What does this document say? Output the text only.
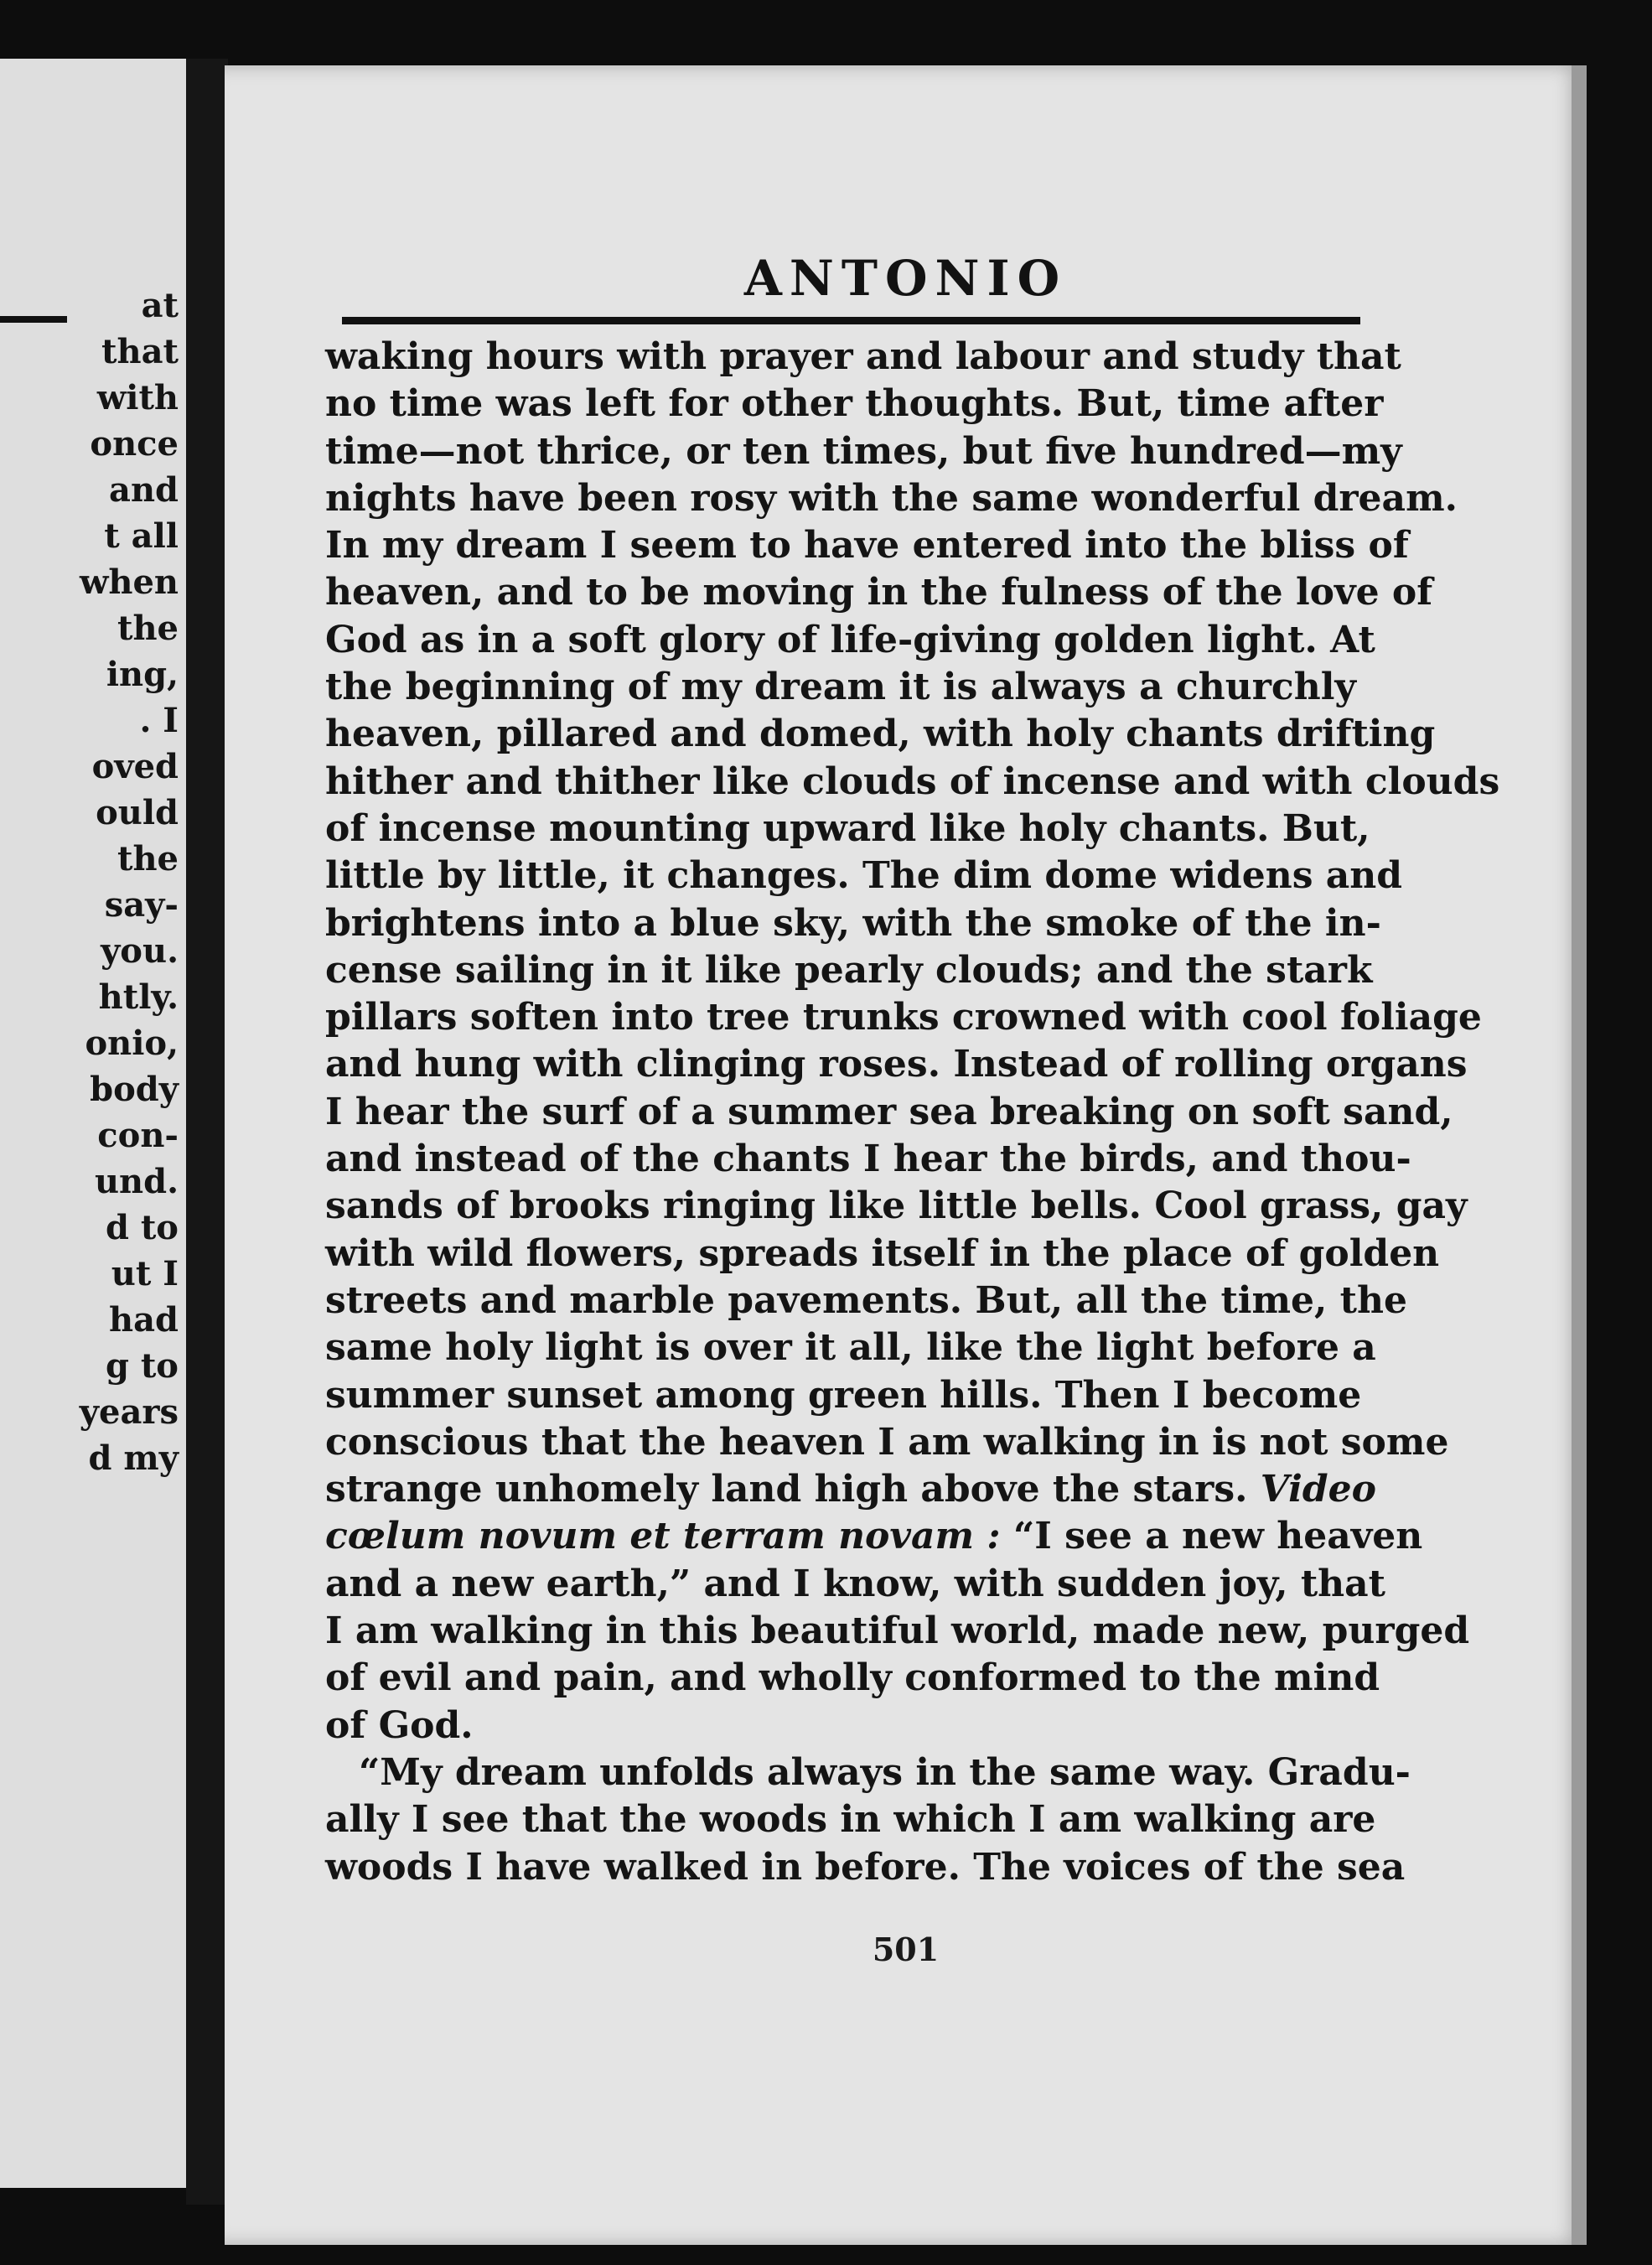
at
that
with
once
and
t all
when
the
ing,
. I
oved
ould
the
say-
you.
htly.
onio,
body
con-
und.
d to
ut I
had
g to
years
d my
ANTONIO
waking hours with prayer and labour and study that
no time was left for other thoughts. But, time after
time—not thrice, or ten times, but five hundred—my
nights have been rosy with the same wonderful dream.
In my dream I seem to have entered into the bliss of
heaven, and to be moving in the fulness of the love of
God as in a soft glory of life-giving golden light. At
the beginning of my dream it is always a churchly
heaven, pillared and domed, with holy chants drifting
hither and thither like clouds of incense and with clouds
of incense mounting upward like holy chants. But,
little by little, it changes. The dim dome widens and
brightens into a blue sky, with the smoke of the in-
cense sailing in it like pearly clouds; and the stark
pillars soften into tree trunks crowned with cool foliage
and hung with clinging roses. Instead of rolling organs
I hear the surf of a summer sea breaking on soft sand,
and instead of the chants I hear the birds, and thou-
sands of brooks ringing like little bells. Cool grass, gay
with wild flowers, spreads itself in the place of golden
streets and marble pavements. But, all the time, the
same holy light is over it all, like the light before a
summer sunset among green hills. Then I become
conscious that the heaven I am walking in is not some
strange unhomely land high above the stars. Video
cœlum novum et terram novam : “I see a new heaven
and a new earth,” and I know, with sudden joy, that
I am walking in this beautiful world, made new, purged
of evil and pain, and wholly conformed to the mind
of God.
“My dream unfolds always in the same way. Gradu-
ally I see that the woods in which I am walking are
woods I have walked in before. The voices of the sea
501
